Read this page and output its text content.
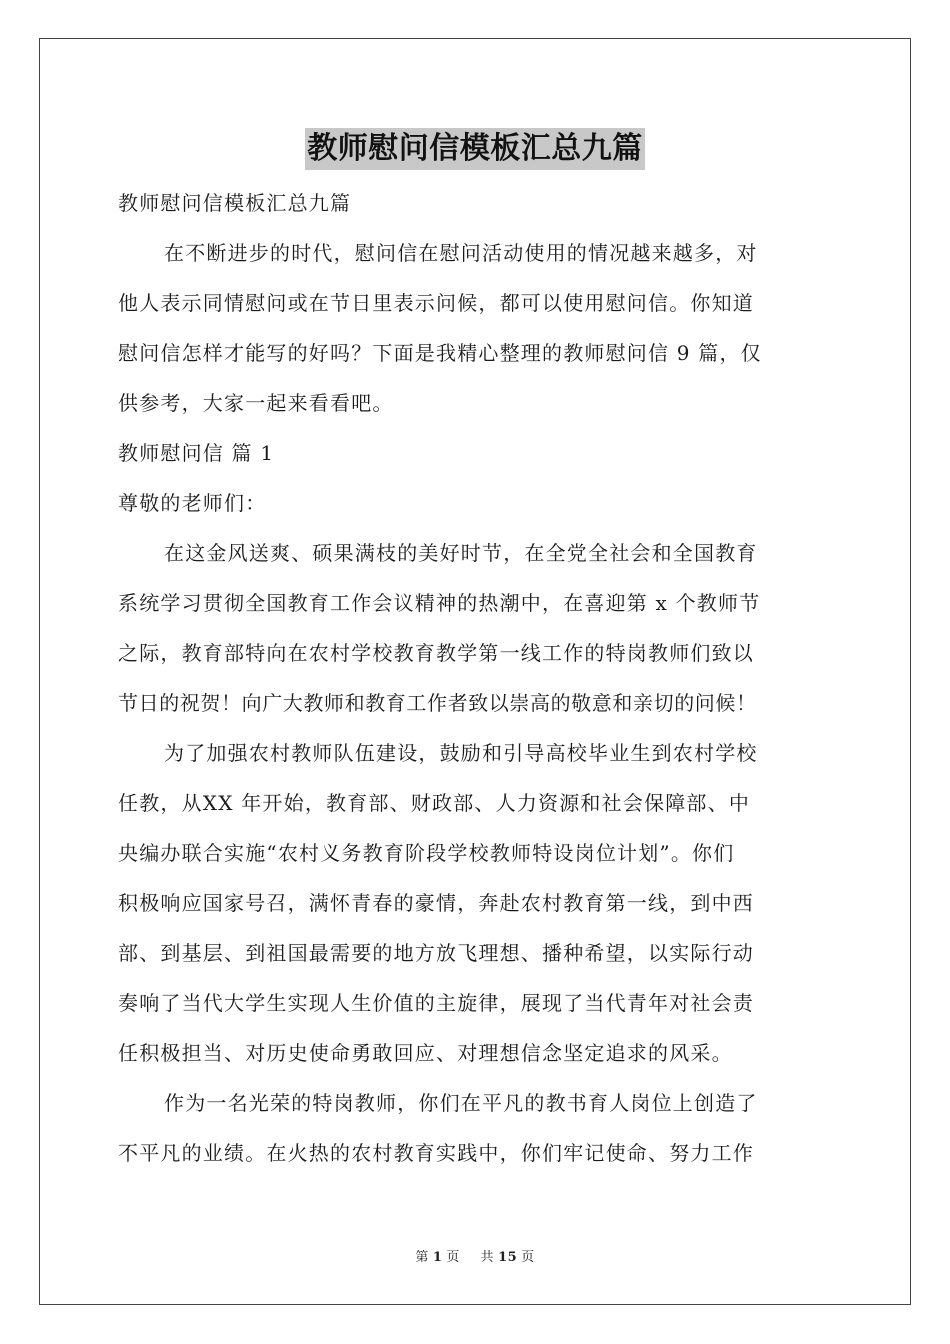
教师慰问信模板汇总九篇
教师慰问信模板汇总九篇
在不断进步的时代，慰问信在慰问活动使用的情况越来越多，对
他人表示同情慰问或在节日里表示问候，都可以使用慰问信。你知道
慰问信怎样才能写的好吗？下面是我精心整理的教师慰问信 9 篇，仅
供参考，大家一起来看看吧。
教师慰问信 篇 1
尊敬的老师们：
在这金风送爽、硕果满枝的美好时节，在全党全社会和全国教育
系统学习贯彻全国教育工作会议精神的热潮中，在喜迎第 x 个教师节
之际，教育部特向在农村学校教育教学第一线工作的特岗教师们致以
节日的祝贺！向广大教师和教育工作者致以崇高的敬意和亲切的问候！
为了加强农村教师队伍建设，鼓励和引导高校毕业生到农村学校
任教，从XX 年开始，教育部、财政部、人力资源和社会保障部、中
央编办联合实施“农村义务教育阶段学校教师特设岗位计划”。你们
积极响应国家号召，满怀青春的豪情，奔赴农村教育第一线，到中西
部、到基层、到祖国最需要的地方放飞理想、播种希望，以实际行动
奏响了当代大学生实现人生价值的主旋律，展现了当代青年对社会责
任积极担当、对历史使命勇敢回应、对理想信念坚定追求的风采。
作为一名光荣的特岗教师，你们在平凡的教书育人岗位上创造了
不平凡的业绩。在火热的农村教育实践中，你们牢记使命、努力工作
第 1 页 共 15 页
